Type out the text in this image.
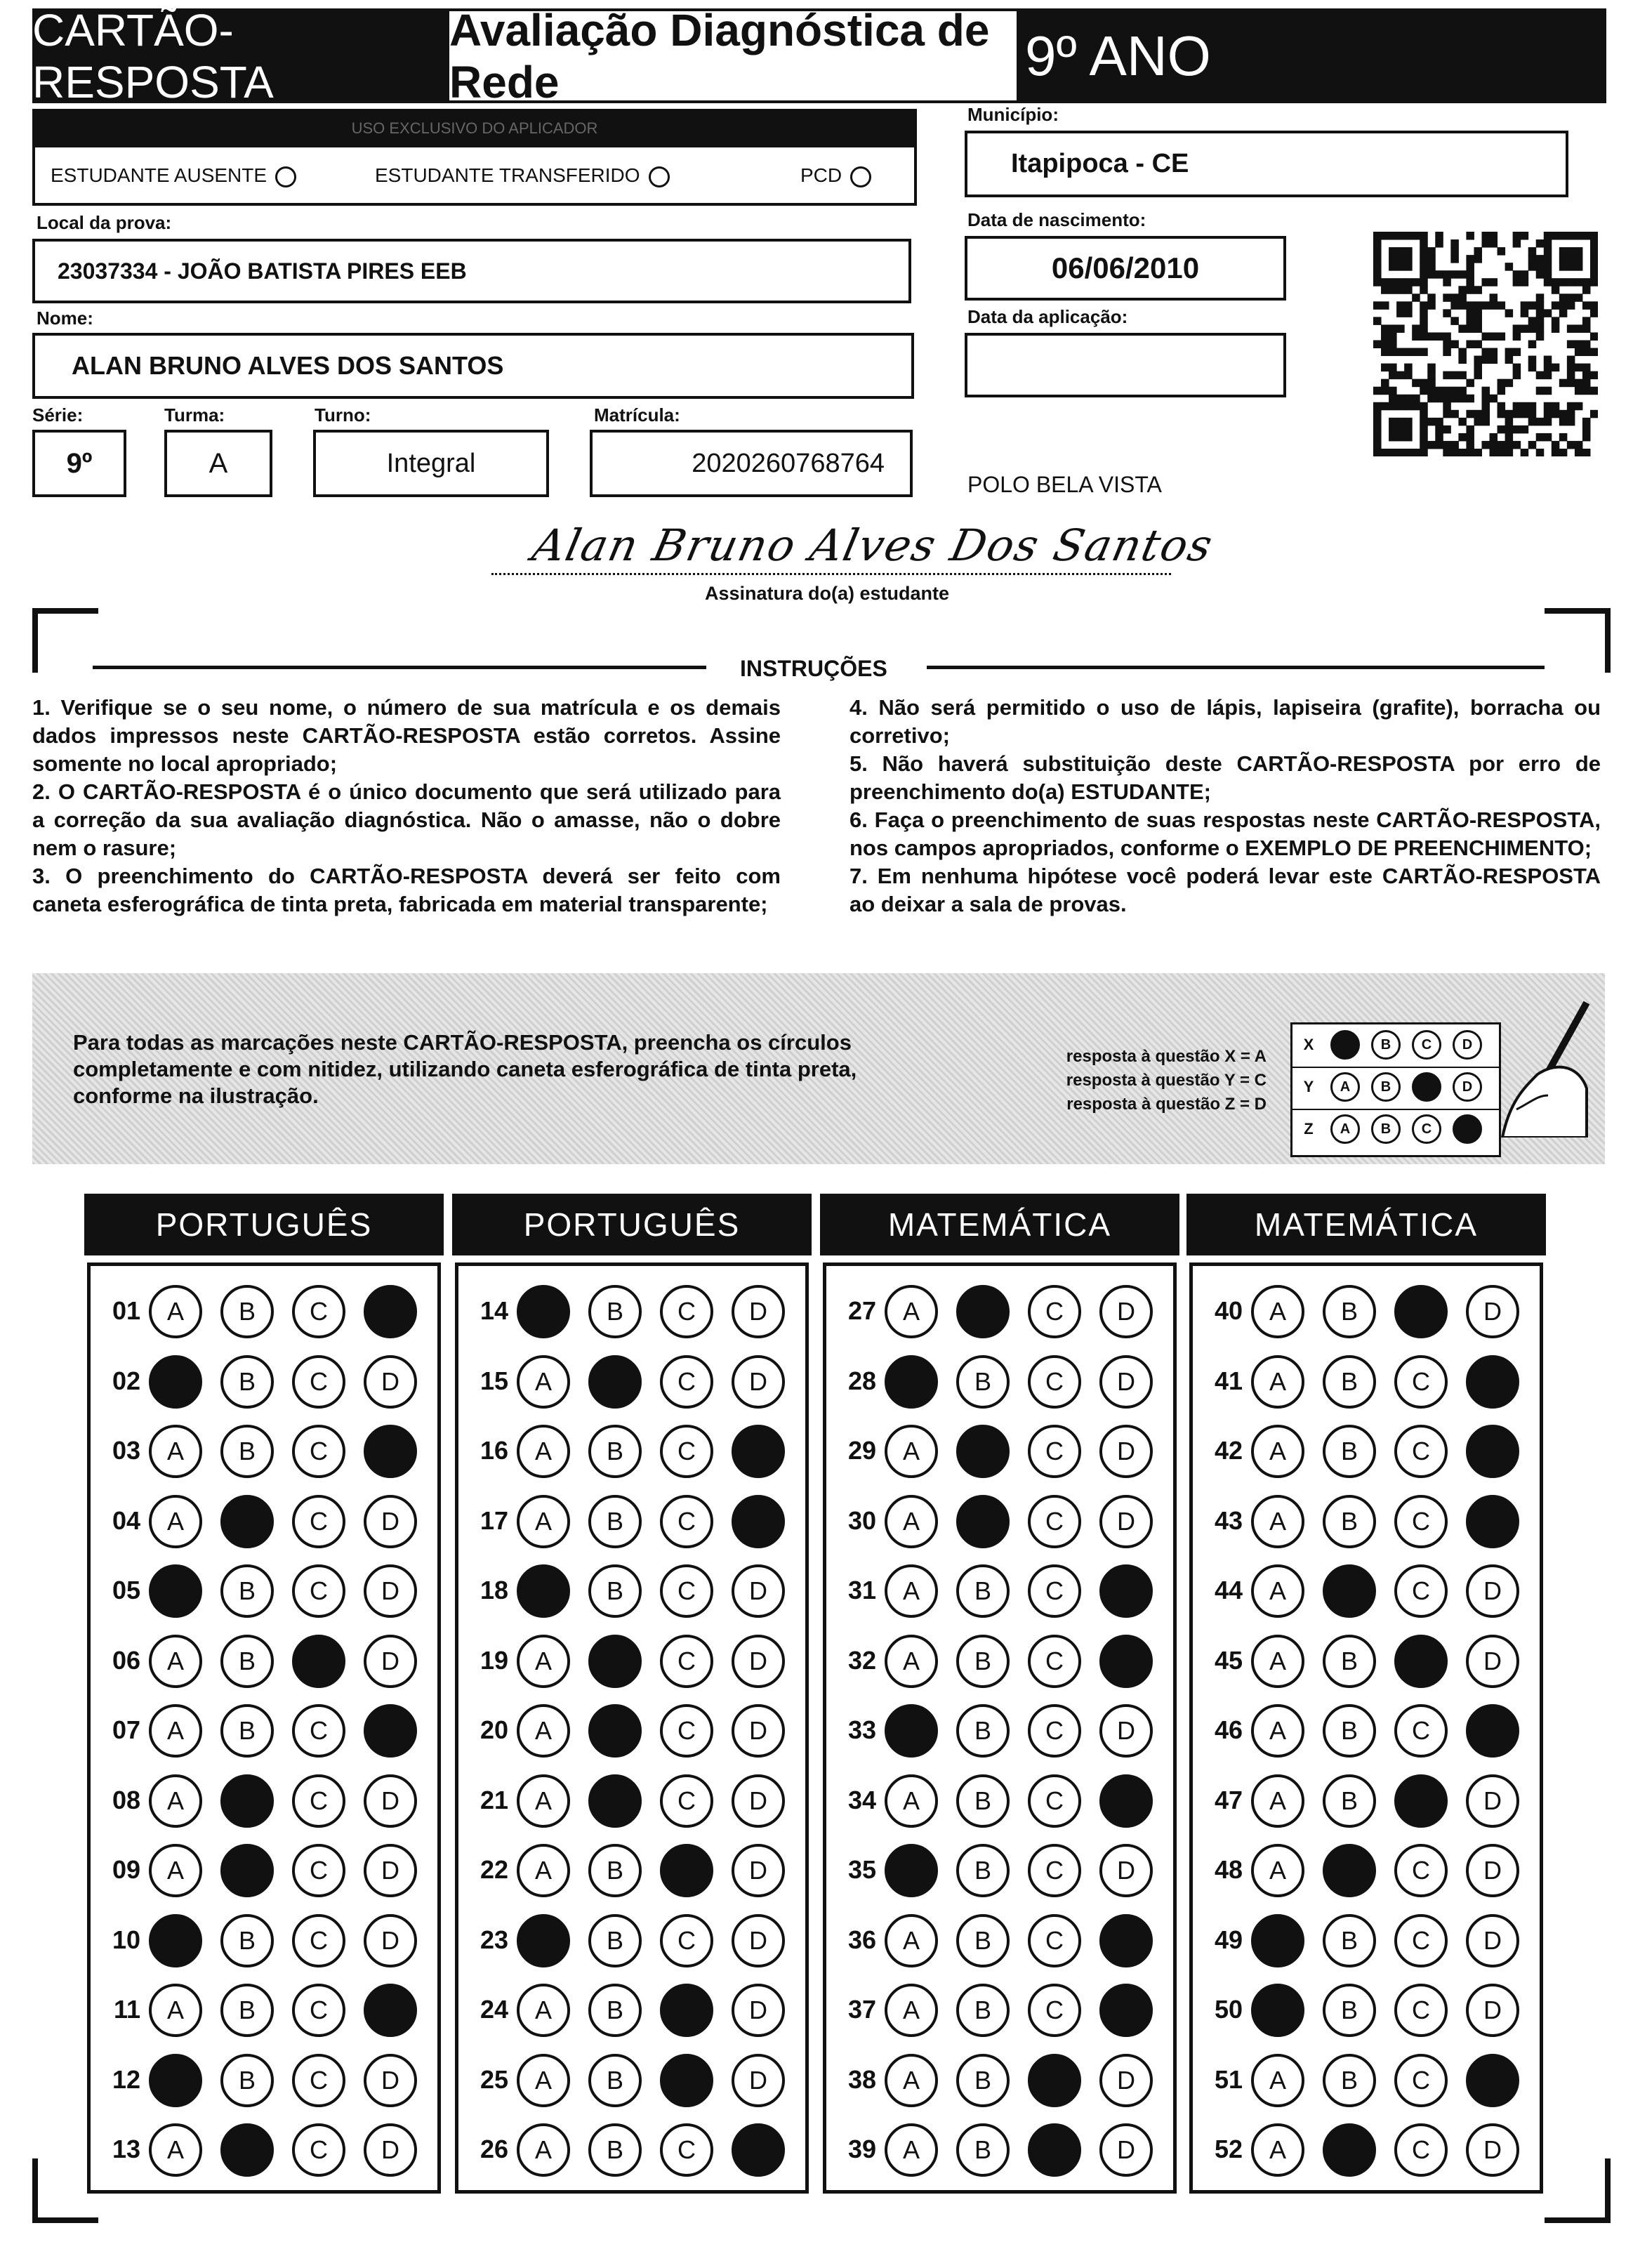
CARTÃO-RESPOSTA
Avaliação Diagnóstica de Rede	9º ANO
USO EXCLUSIVO DO APLICADOR
ESTUDANTE AUSENTE	ESTUDANTE TRANSFERIDO	PCD
Município:
Itapipoca - CE
Local da prova:
23037334 - JOÃO BATISTA PIRES EEB
Data de nascimento:
06/06/2010
Data da aplicação:
Nome:
ALAN BRUNO ALVES DOS SANTOS
Série:
9º
Turma:
A
Turno:
Integral
Matrícula:
2020260768764
POLO BELA VISTA
Alan Bruno Alves Dos Santos
Assinatura do(a) estudante
INSTRUÇÕES

1. Verifique se o seu nome, o número de sua matrícula e os demais dados impressos neste CARTÃO-RESPOSTA estão corretos. Assine somente no local apropriado;

2. O CARTÃO-RESPOSTA é o único documento que será utilizado para a correção da sua avaliação diagnóstica. Não o amasse, não o dobre nem o rasure;

3. O preenchimento do CARTÃO-RESPOSTA deverá ser feito com caneta esferográfica de tinta preta, fabricada em material transparente;

4. Não será permitido o uso de lápis, lapiseira (grafite), borracha ou corretivo;

5. Não haverá substituição deste CARTÃO-RESPOSTA por erro de preenchimento do(a) ESTUDANTE;

6. Faça o preenchimento de suas respostas neste CARTÃO-RESPOSTA, nos campos apropriados, conforme o EXEMPLO DE PREENCHIMENTO;

7. Em nenhuma hipótese você poderá levar este CARTÃO-RESPOSTA ao deixar a sala de provas.

Para todas as marcações neste CARTÃO-RESPOSTA, preencha os círculos completamente e com nitidez, utilizando caneta esferográfica de tinta preta, conforme na ilustração.
resposta à questão X = A
resposta à questão Y = C
resposta à questão Z = D
X	B	C	D
Y	A	B	D
Z	A	B	C
PORTUGUÊS
01	A	B	C
02	B	C	D
03	A	B	C
04	A	C	D
05	B	C	D
06	A	B	D
07	A	B	C
08	A	C	D
09	A	C	D
10	B	C	D
11	A	B	C
12	B	C	D
13	A	C	D
PORTUGUÊS
14	B	C	D
15	A	C	D
16	A	B	C
17	A	B	C
18	B	C	D
19	A	C	D
20	A	C	D
21	A	C	D
22	A	B	D
23	B	C	D
24	A	B	D
25	A	B	D
26	A	B	C
MATEMÁTICA
27	A	C	D
28	B	C	D
29	A	C	D
30	A	C	D
31	A	B	C
32	A	B	C
33	B	C	D
34	A	B	C
35	B	C	D
36	A	B	C
37	A	B	C
38	A	B	D
39	A	B	D
MATEMÁTICA
40	A	B	D
41	A	B	C
42	A	B	C
43	A	B	C
44	A	C	D
45	A	B	D
46	A	B	C
47	A	B	D
48	A	C	D
49	B	C	D
50	B	C	D
51	A	B	C
52	A	C	D
